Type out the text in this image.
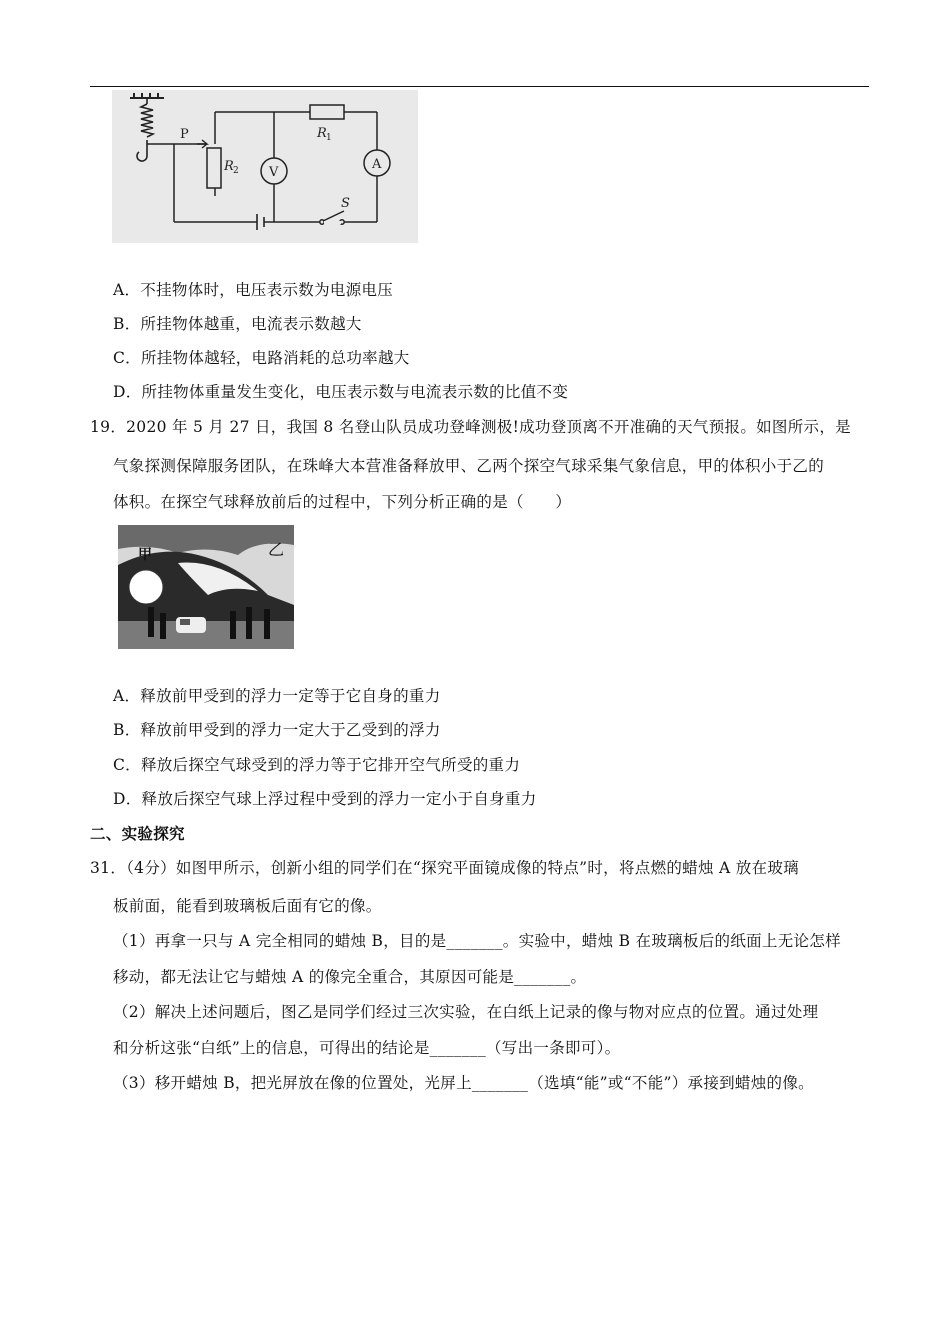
P	R 1
R 2 V
A
S
A．不挂物体时，电压表示数为电源电压
B．所挂物体越重，电流表示数越大
C．所挂物体越轻，电路消耗的总功率越大
D．所挂物体重量发生变化，电压表示数与电流表示数的比值不变
19．2020 年 5 月 27 日，我国 8 名登山队员成功登峰测极!成功登顶离不开准确的天气预报。如图所示，是
气象探测保障服务团队，在珠峰大本营准备释放甲、乙两个探空气球采集气象信息，甲的体积小于乙的
体积。在探空气球释放前后的过程中，下列分析正确的是（　　）
甲	乙
A．释放前甲受到的浮力一定等于它自身的重力
B．释放前甲受到的浮力一定大于乙受到的浮力
C．释放后探空气球受到的浮力等于它排开空气所受的重力
D．释放后探空气球上浮过程中受到的浮力一定小于自身重力
二、实验探究
31．（4分）如图甲所示，创新小组的同学们在“探究平面镜成像的特点”时，将点燃的蜡烛 A 放在玻璃
板前面，能看到玻璃板后面有它的像。
（1）再拿一只与 A 完全相同的蜡烛 B，目的是_______。实验中，蜡烛 B 在玻璃板后的纸面上无论怎样
移动，都无法让它与蜡烛 A 的像完全重合，其原因可能是_______。
（2）解决上述问题后，图乙是同学们经过三次实验，在白纸上记录的像与物对应点的位置。通过处理
和分析这张“白纸”上的信息，可得出的结论是_______（写出一条即可）。
（3）移开蜡烛 B，把光屏放在像的位置处，光屏上_______（选填“能”或“不能”）承接到蜡烛的像。
